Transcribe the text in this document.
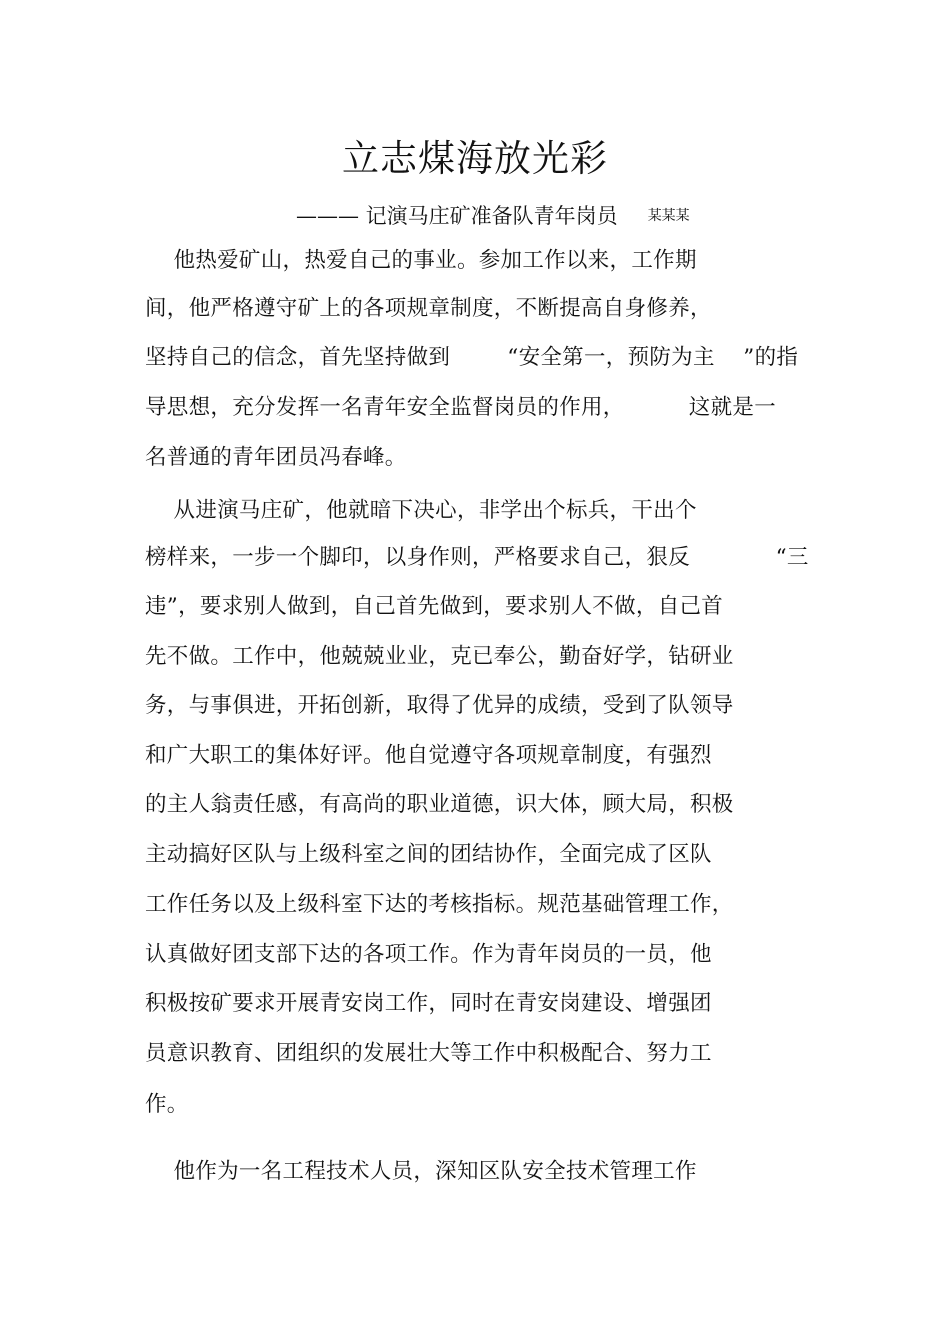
立志煤海放光彩
——— 记演马庄矿准备队青年岗员 某某某
他热爱矿山，热爱自己的事业。参加工作以来，工作期
间，他严格遵守矿上的各项规章制度，不断提高自身修养，
坚持自己的信念，首先坚持做到        “安全第一，预防为主    ”的指
导思想，充分发挥一名青年安全监督岗员的作用，         这就是一
名普通的青年团员冯春峰。
从进演马庄矿，他就暗下决心，非学出个标兵，干出个
榜样来，一步一个脚印，以身作则，严格要求自己，狠反            “三
违”，要求别人做到，自己首先做到，要求别人不做，自己首
先不做。工作中，他兢兢业业，克已奉公，勤奋好学，钻研业
务，与事俱进，开拓创新，取得了优异的成绩，受到了队领导
和广大职工的集体好评。他自觉遵守各项规章制度，有强烈
的主人翁责任感，有高尚的职业道德，识大体，顾大局，积极
主动搞好区队与上级科室之间的团结协作，全面完成了区队
工作任务以及上级科室下达的考核指标。规范基础管理工作，
认真做好团支部下达的各项工作。作为青年岗员的一员，他
积极按矿要求开展青安岗工作，同时在青安岗建设、增强团
员意识教育、团组织的发展壮大等工作中积极配合、努力工
作。
他作为一名工程技术人员，深知区队安全技术管理工作
